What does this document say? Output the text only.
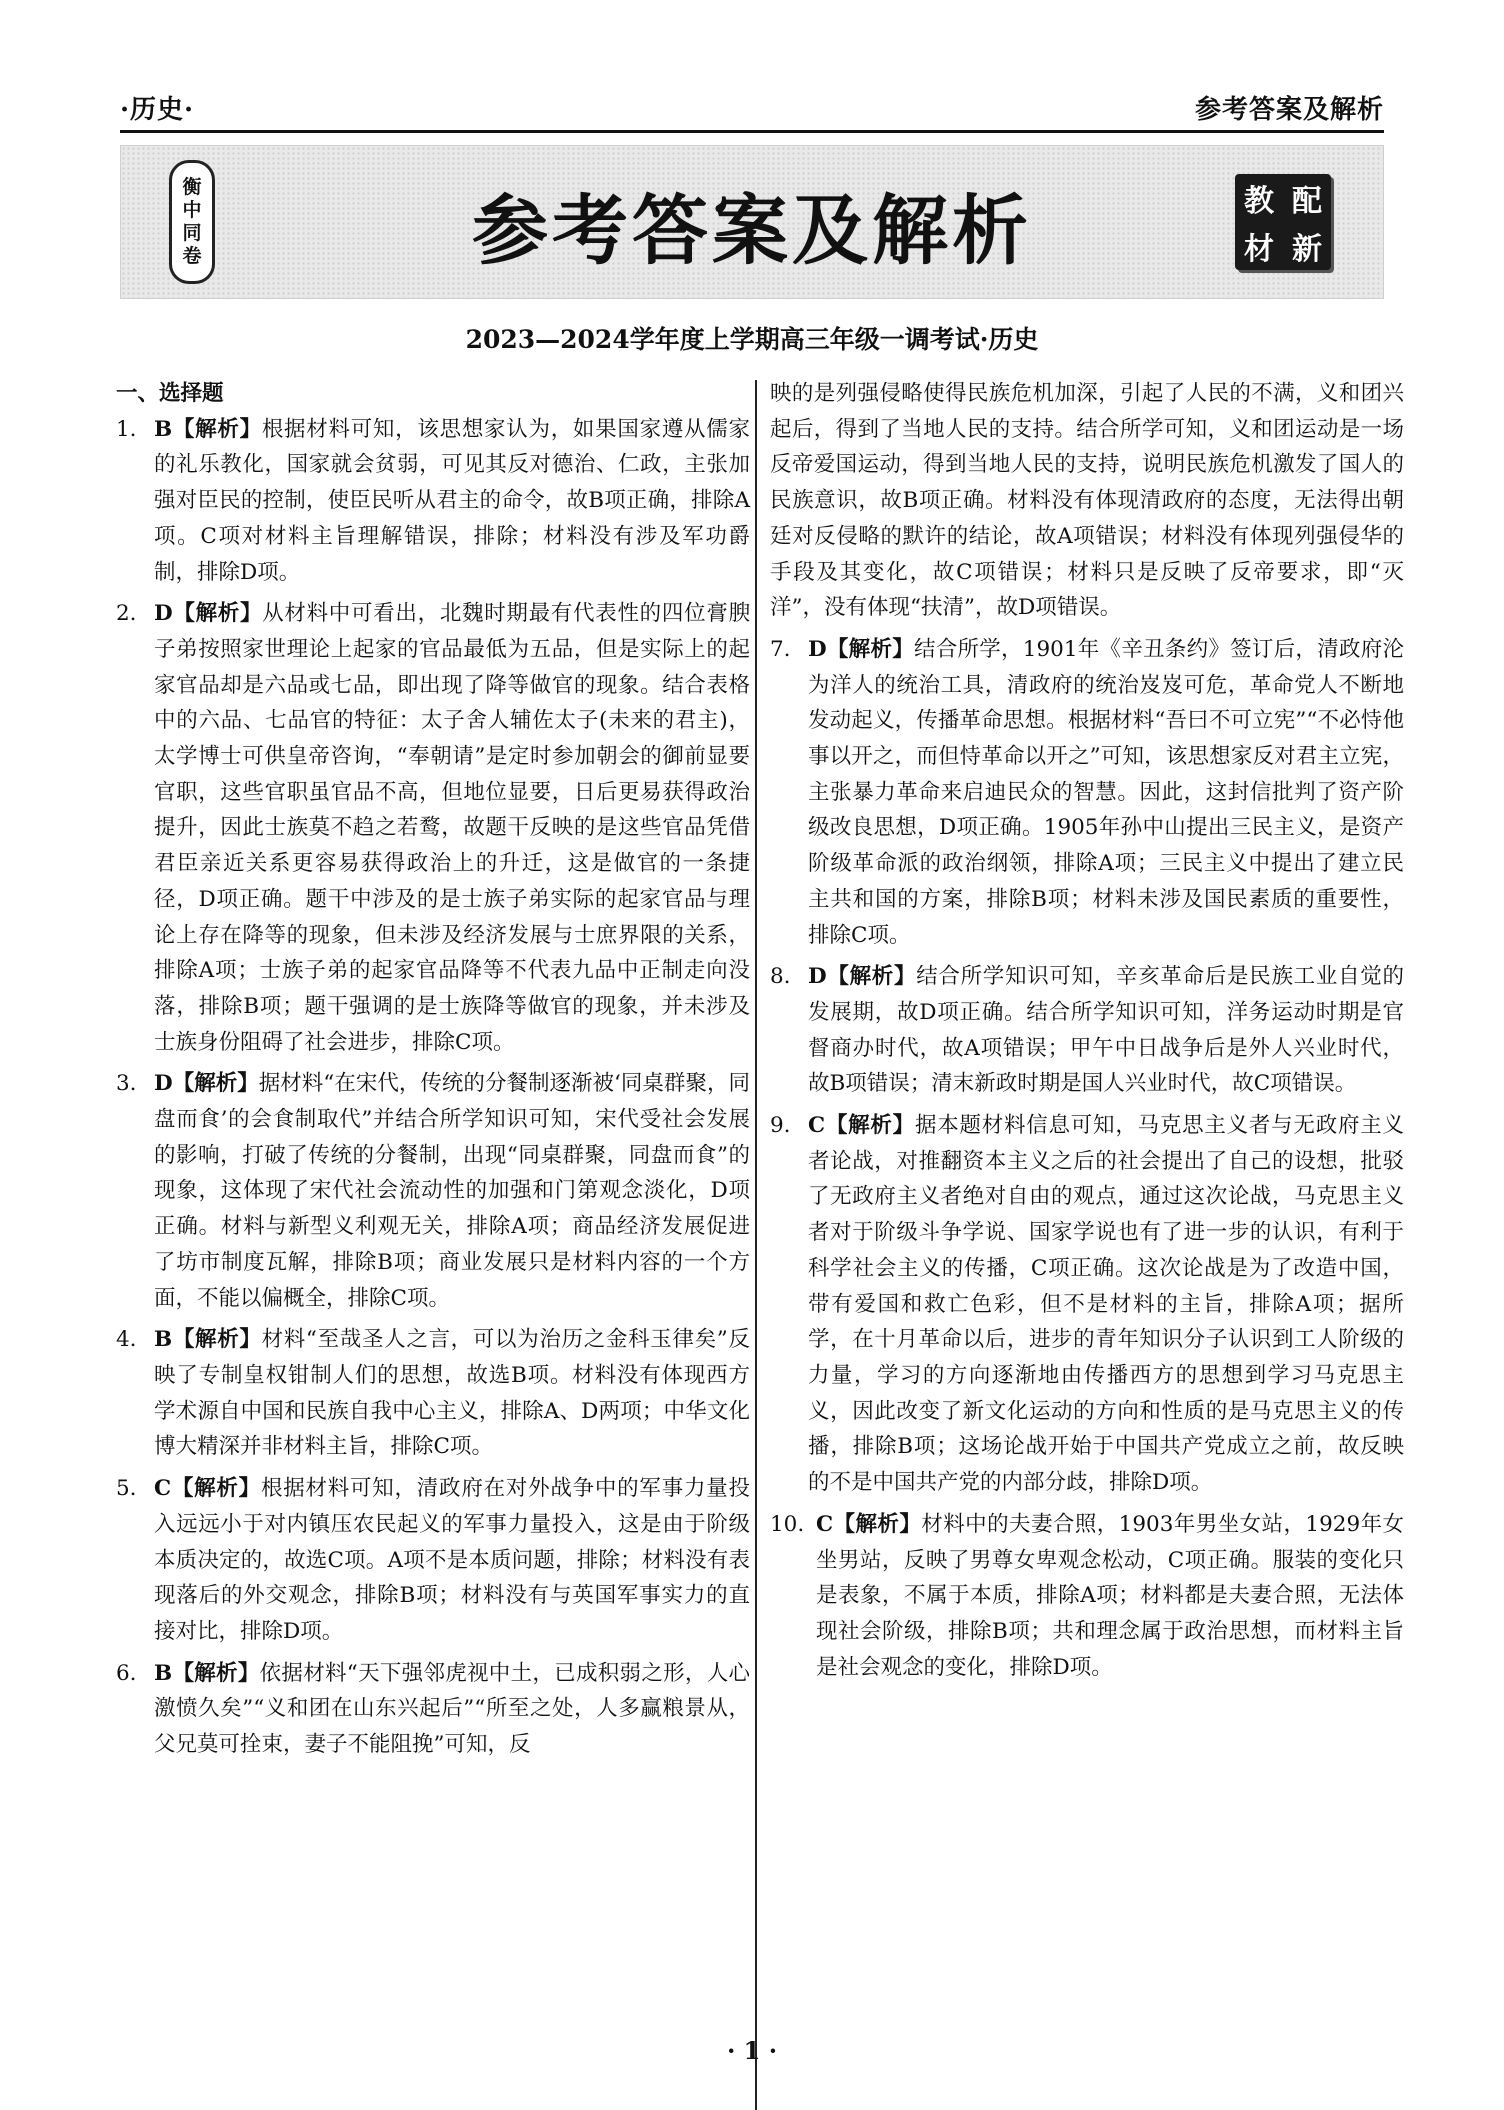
·历史·	参考答案及解析
衡
中
同
卷	参考答案及解析	教 配
材 新
2023—2024学年度上学期高三年级一调考试·历史
一、选择题
1. B【解析】根据材料可知，该思想家认为，如果国家遵从儒家的礼乐教化，国家就会贫弱，可见其反对德治、仁政，主张加强对臣民的控制，使臣民听从君主的命令，故B项正确，排除A项。C项对材料主旨理解错误，排除；材料没有涉及军功爵制，排除D项。
2. D【解析】从材料中可看出，北魏时期最有代表性的四位膏腴子弟按照家世理论上起家的官品最低为五品，但是实际上的起家官品却是六品或七品，即出现了降等做官的现象。结合表格中的六品、七品官的特征：太子舍人辅佐太子(未来的君主)，太学博士可供皇帝咨询，“奉朝请”是定时参加朝会的御前显要官职，这些官职虽官品不高，但地位显要，日后更易获得政治提升，因此士族莫不趋之若鹜，故题干反映的是这些官品凭借君臣亲近关系更容易获得政治上的升迁，这是做官的一条捷径，D项正确。题干中涉及的是士族子弟实际的起家官品与理论上存在降等的现象，但未涉及经济发展与士庶界限的关系，排除A项；士族子弟的起家官品降等不代表九品中正制走向没落，排除B项；题干强调的是士族降等做官的现象，并未涉及士族身份阻碍了社会进步，排除C项。
3. D【解析】据材料“在宋代，传统的分餐制逐渐被‘同桌群聚，同盘而食’的会食制取代”并结合所学知识可知，宋代受社会发展的影响，打破了传统的分餐制，出现“同桌群聚，同盘而食”的现象，这体现了宋代社会流动性的加强和门第观念淡化，D项正确。材料与新型义利观无关，排除A项；商品经济发展促进了坊市制度瓦解，排除B项；商业发展只是材料内容的一个方面，不能以偏概全，排除C项。
4. B【解析】材料“至哉圣人之言，可以为治历之金科玉律矣”反映了专制皇权钳制人们的思想，故选B项。材料没有体现西方学术源自中国和民族自我中心主义，排除A、D两项；中华文化博大精深并非材料主旨，排除C项。
5. C【解析】根据材料可知，清政府在对外战争中的军事力量投入远远小于对内镇压农民起义的军事力量投入，这是由于阶级本质决定的，故选C项。A项不是本质问题，排除；材料没有表现落后的外交观念，排除B项；材料没有与英国军事实力的直接对比，排除D项。
6. B【解析】依据材料“天下强邻虎视中土，已成积弱之形，人心激愤久矣”“义和团在山东兴起后”“所至之处，人多赢粮景从，父兄莫可拴束，妻子不能阻挽”可知，反
映的是列强侵略使得民族危机加深，引起了人民的不满，义和团兴起后，得到了当地人民的支持。结合所学可知，义和团运动是一场反帝爱国运动，得到当地人民的支持，说明民族危机激发了国人的民族意识，故B项正确。材料没有体现清政府的态度，无法得出朝廷对反侵略的默许的结论，故A项错误；材料没有体现列强侵华的手段及其变化，故C项错误；材料只是反映了反帝要求，即“灭洋”，没有体现“扶清”，故D项错误。
7. D【解析】结合所学，1901年《辛丑条约》签订后，清政府沦为洋人的统治工具，清政府的统治岌岌可危，革命党人不断地发动起义，传播革命思想。根据材料“吾曰不可立宪”“不必恃他事以开之，而但恃革命以开之”可知，该思想家反对君主立宪，主张暴力革命来启迪民众的智慧。因此，这封信批判了资产阶级改良思想，D项正确。1905年孙中山提出三民主义，是资产阶级革命派的政治纲领，排除A项；三民主义中提出了建立民主共和国的方案，排除B项；材料未涉及国民素质的重要性，排除C项。
8. D【解析】结合所学知识可知，辛亥革命后是民族工业自觉的发展期，故D项正确。结合所学知识可知，洋务运动时期是官督商办时代，故A项错误；甲午中日战争后是外人兴业时代，故B项错误；清末新政时期是国人兴业时代，故C项错误。
9. C【解析】据本题材料信息可知，马克思主义者与无政府主义者论战，对推翻资本主义之后的社会提出了自己的设想，批驳了无政府主义者绝对自由的观点，通过这次论战，马克思主义者对于阶级斗争学说、国家学说也有了进一步的认识，有利于科学社会主义的传播，C项正确。这次论战是为了改造中国，带有爱国和救亡色彩，但不是材料的主旨，排除A项；据所学，在十月革命以后，进步的青年知识分子认识到工人阶级的力量，学习的方向逐渐地由传播西方的思想到学习马克思主义，因此改变了新文化运动的方向和性质的是马克思主义的传播，排除B项；这场论战开始于中国共产党成立之前，故反映的不是中国共产党的内部分歧，排除D项。
10. C【解析】材料中的夫妻合照，1903年男坐女站，1929年女坐男站，反映了男尊女卑观念松动，C项正确。服装的变化只是表象，不属于本质，排除A项；材料都是夫妻合照，无法体现社会阶级，排除B项；共和理念属于政治思想，而材料主旨是社会观念的变化，排除D项。
· 1 ·
